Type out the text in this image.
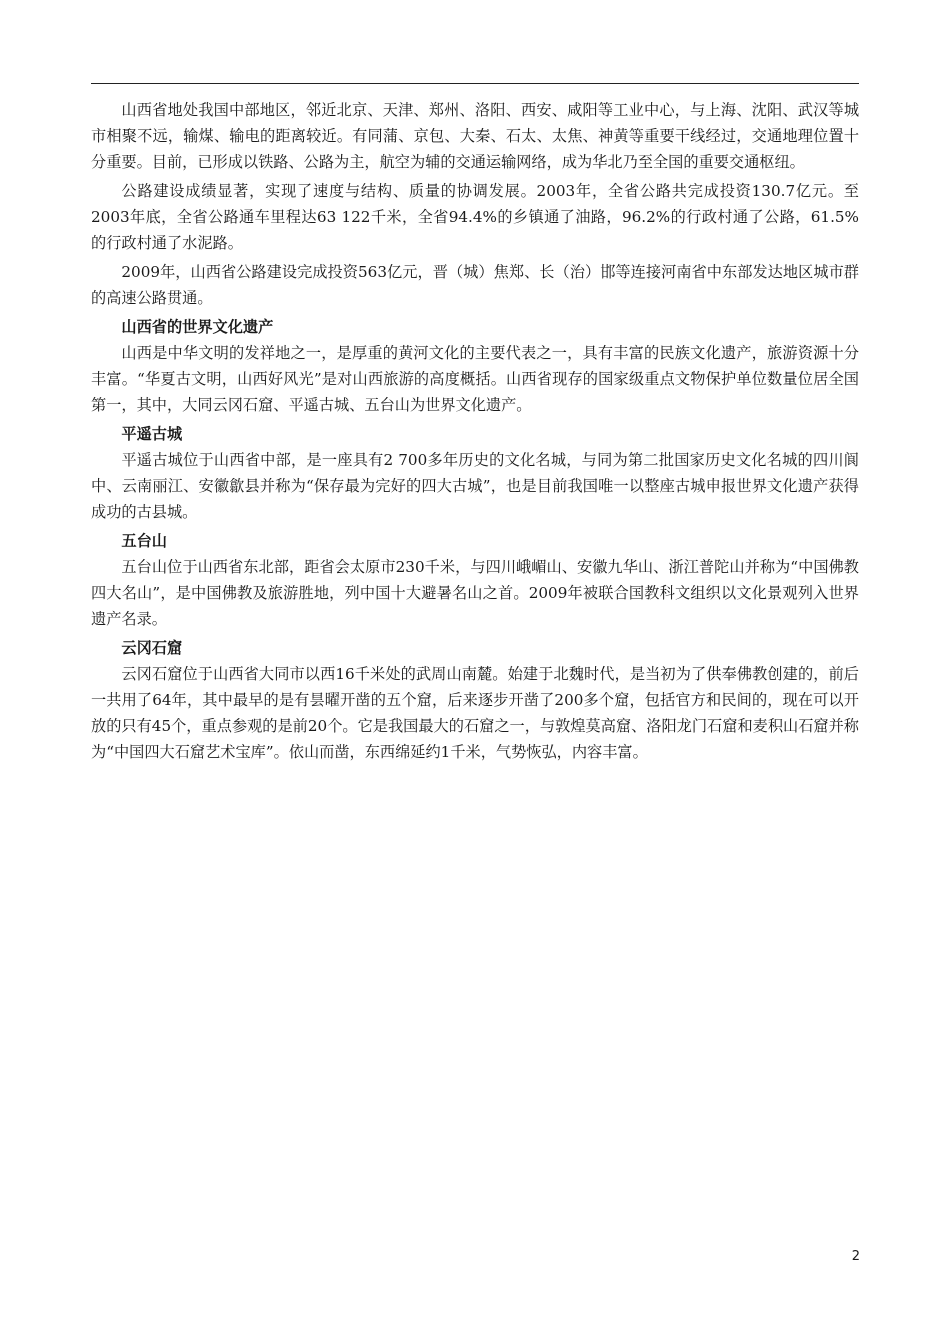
山西省地处我国中部地区，邻近北京、天津、郑州、洛阳、西安、咸阳等工业中心，与上海、沈阳、武汉等城市相聚不远，输煤、输电的距离较近。有同蒲、京包、大秦、石太、太焦、神黄等重要干线经过，交通地理位置十分重要。目前，已形成以铁路、公路为主，航空为辅的交通运输网络，成为华北乃至全国的重要交通枢纽。

公路建设成绩显著，实现了速度与结构、质量的协调发展。2003年，全省公路共完成投资130.7亿元。至2003年底，全省公路通车里程达63 122千米，全省94.4%的乡镇通了油路，96.2%的行政村通了公路，61.5%的行政村通了水泥路。

2009年，山西省公路建设完成投资563亿元，晋（城）焦郑、长（治）邯等连接河南省中东部发达地区城市群的高速公路贯通。

山西省的世界文化遗产

山西是中华文明的发祥地之一，是厚重的黄河文化的主要代表之一，具有丰富的民族文化遗产，旅游资源十分丰富。“华夏古文明，山西好风光”是对山西旅游的高度概括。山西省现存的国家级重点文物保护单位数量位居全国第一，其中，大同云冈石窟、平遥古城、五台山为世界文化遗产。

平遥古城

平遥古城位于山西省中部，是一座具有2 700多年历史的文化名城，与同为第二批国家历史文化名城的四川阆中、云南丽江、安徽歙县并称为“保存最为完好的四大古城”，也是目前我国唯一以整座古城申报世界文化遗产获得成功的古县城。

五台山

五台山位于山西省东北部，距省会太原市230千米，与四川峨嵋山、安徽九华山、浙江普陀山并称为“中国佛教四大名山”，是中国佛教及旅游胜地，列中国十大避暑名山之首。2009年被联合国教科文组织以文化景观列入世界遗产名录。

云冈石窟

云冈石窟位于山西省大同市以西16千米处的武周山南麓。始建于北魏时代，是当初为了供奉佛教创建的，前后一共用了64年，其中最早的是有昙曜开凿的五个窟，后来逐步开凿了200多个窟，包括官方和民间的，现在可以开放的只有45个，重点参观的是前20个。它是我国最大的石窟之一，与敦煌莫高窟、洛阳龙门石窟和麦积山石窟并称为“中国四大石窟艺术宝库”。依山而凿，东西绵延约1千米，气势恢弘，内容丰富。

2
